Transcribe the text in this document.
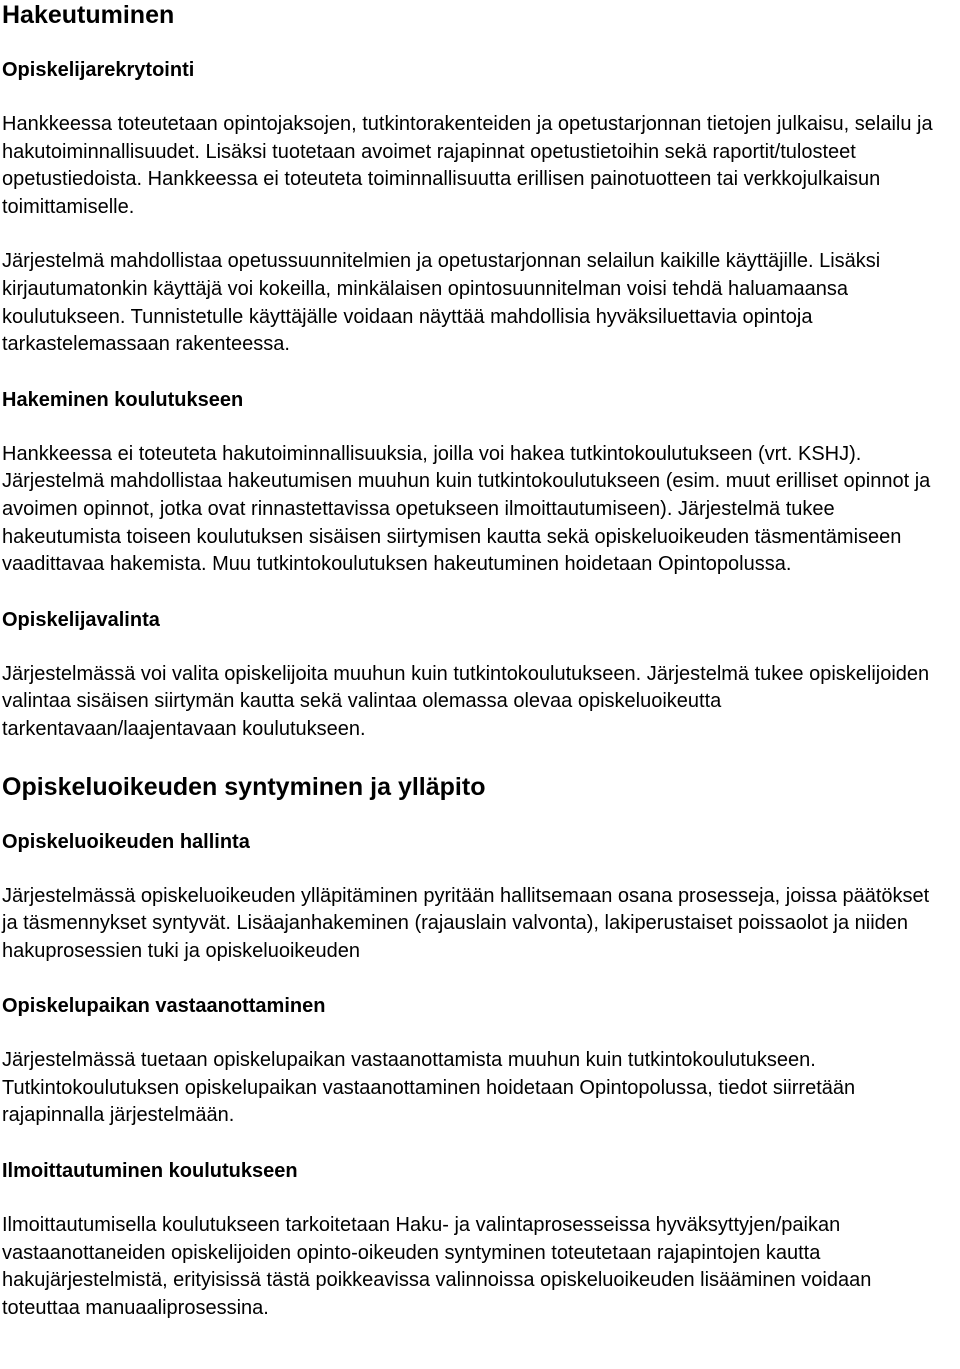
Hakeutuminen
Opiskelijarekrytointi

Hankkeessa toteutetaan opintojaksojen, tutkintorakenteiden ja opetustarjonnan tietojen julkaisu, selailu ja hakutoiminnallisuudet. Lisäksi tuotetaan avoimet rajapinnat opetustietoihin sekä raportit/tulosteet opetustiedoista. Hankkeessa ei toteuteta toiminnallisuutta erillisen painotuotteen tai verkkojulkaisun toimittamiselle.

Järjestelmä mahdollistaa opetussuunnitelmien ja opetustarjonnan selailun kaikille käyttäjille. Lisäksi kirjautumatonkin käyttäjä voi kokeilla, minkälaisen opintosuunnitelman voisi tehdä haluamaansa koulutukseen. Tunnistetulle käyttäjälle voidaan näyttää mahdollisia hyväksiluettavia opintoja tarkastelemassaan rakenteessa.

Hakeminen koulutukseen

Hankkeessa ei toteuteta hakutoiminnallisuuksia, joilla voi hakea tutkintokoulutukseen (vrt. KSHJ). Järjestelmä mahdollistaa hakeutumisen muuhun kuin tutkintokoulutukseen (esim. muut erilliset opinnot ja avoimen opinnot, jotka ovat rinnastettavissa opetukseen ilmoittautumiseen). Järjestelmä tukee hakeutumista toiseen koulutuksen sisäisen siirtymisen kautta sekä opiskeluoikeuden täsmentämiseen vaadittavaa hakemista. Muu tutkintokoulutuksen hakeutuminen hoidetaan Opintopolussa.

Opiskelijavalinta

Järjestelmässä voi valita opiskelijoita muuhun kuin tutkintokoulutukseen. Järjestelmä tukee opiskelijoiden valintaa sisäisen siirtymän kautta sekä valintaa olemassa olevaa opiskeluoikeutta tarkentavaan/laajentavaan koulutukseen.

Opiskeluoikeuden syntyminen ja ylläpito
Opiskeluoikeuden hallinta

Järjestelmässä opiskeluoikeuden ylläpitäminen pyritään hallitsemaan osana prosesseja, joissa päätökset ja täsmennykset syntyvät. Lisäajanhakeminen (rajauslain valvonta), lakiperustaiset poissaolot ja niiden hakuprosessien tuki ja opiskeluoikeuden

Opiskelupaikan vastaanottaminen

Järjestelmässä tuetaan opiskelupaikan vastaanottamista muuhun kuin tutkintokoulutukseen. Tutkintokoulutuksen opiskelupaikan vastaanottaminen hoidetaan Opintopolussa, tiedot siirretään rajapinnalla järjestelmään.

Ilmoittautuminen koulutukseen

Ilmoittautumisella koulutukseen tarkoitetaan Haku- ja valintaprosesseissa hyväksyttyjen/paikan vastaanottaneiden opiskelijoiden opinto-oikeuden syntyminen toteutetaan rajapintojen kautta hakujärjestelmistä, erityisissä tästä poikkeavissa valinnoissa opiskeluoikeuden lisääminen voidaan toteuttaa manuaaliprosessina.
